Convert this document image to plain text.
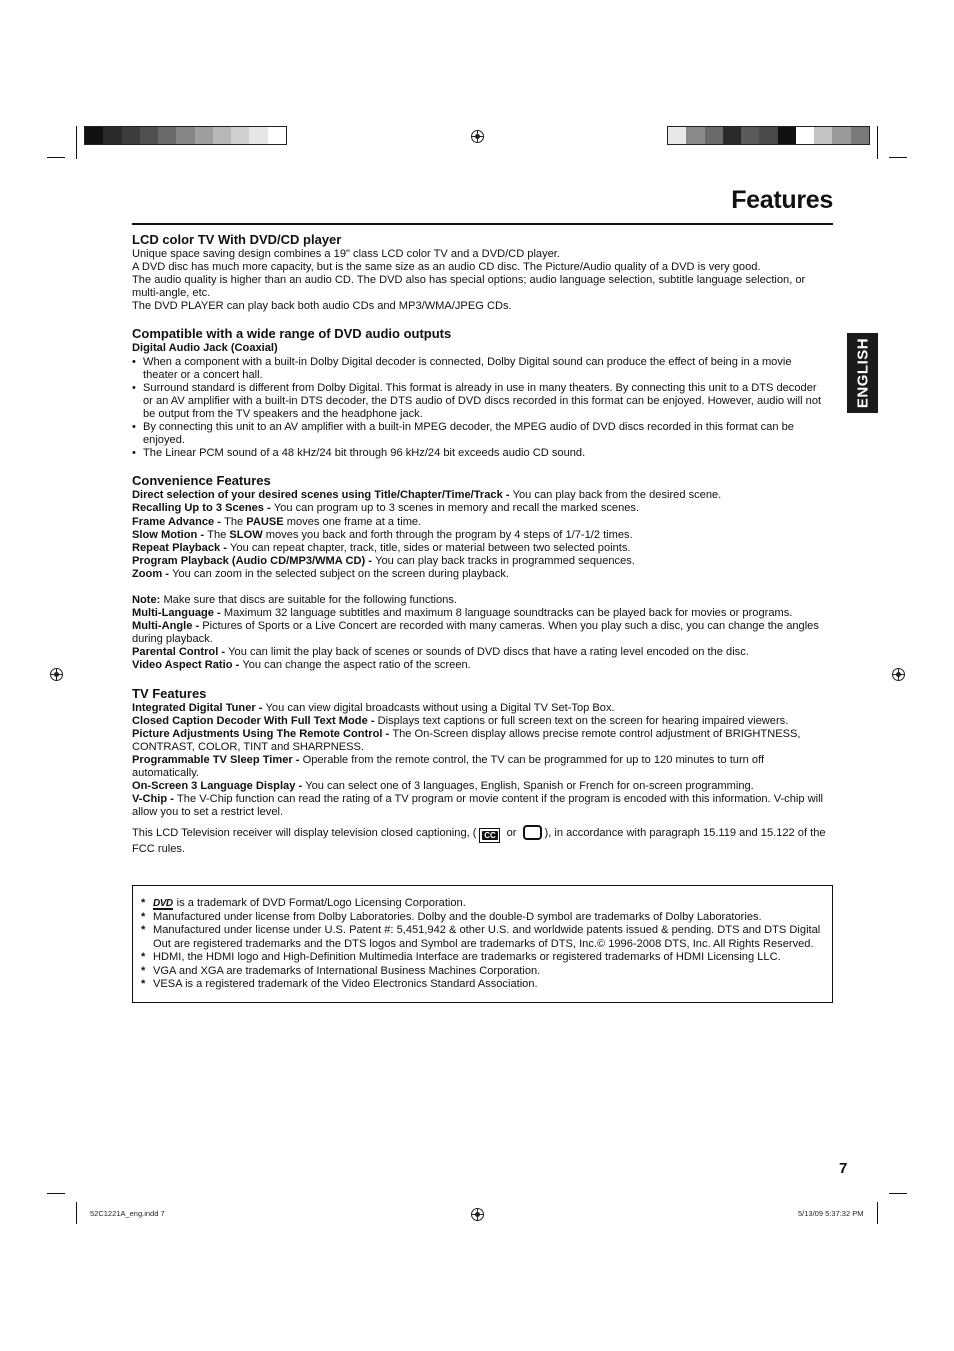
Features
ENGLISH
LCD color TV With DVD/CD player

Unique space saving design combines a 19" class LCD color TV and a DVD/CD player.

A DVD disc has much more capacity, but is the same size as an audio CD disc. The Picture/Audio quality of a DVD is very good.

The audio quality is higher than an audio CD. The DVD also has special options; audio language selection, subtitle language selection, or multi-angle, etc.

The DVD PLAYER can play back both audio CDs and MP3/WMA/JPEG CDs.

Compatible with a wide range of DVD audio outputs

Digital Audio Jack (Coaxial)

• When a component with a built-in Dolby Digital decoder is connected, Dolby Digital sound can produce the effect of being in a movie theater or a concert hall.
• Surround standard is different from Dolby Digital. This format is already in use in many theaters. By connecting this unit to a DTS decoder or an AV amplifier with a built-in DTS decoder, the DTS audio of DVD discs recorded in this format can be enjoyed. However, audio will not be output from the TV speakers and the headphone jack.
• By connecting this unit to an AV amplifier with a built-in MPEG decoder, the MPEG audio of DVD discs recorded in this format can be enjoyed.
• The Linear PCM sound of a 48 kHz/24 bit through 96 kHz/24 bit exceeds audio CD sound.
Convenience Features

Direct selection of your desired scenes using Title/Chapter/Time/Track - You can play back from the desired scene.

Recalling Up to 3 Scenes - You can program up to 3 scenes in memory and recall the marked scenes.

Frame Advance - The PAUSE moves one frame at a time.

Slow Motion - The SLOW moves you back and forth through the program by 4 steps of 1/7-1/2 times.

Repeat Playback - You can repeat chapter, track, title, sides or material between two selected points.

Program Playback (Audio CD/MP3/WMA CD) - You can play back tracks in programmed sequences.

Zoom - You can zoom in the selected subject on the screen during playback.

Note: Make sure that discs are suitable for the following functions.

Multi-Language - Maximum 32 language subtitles and maximum 8 language soundtracks can be played back for movies or programs.

Multi-Angle - Pictures of Sports or a Live Concert are recorded with many cameras. When you play such a disc, you can change the angles during playback.

Parental Control - You can limit the play back of scenes or sounds of DVD discs that have a rating level encoded on the disc.

Video Aspect Ratio - You can change the aspect ratio of the screen.

TV Features

Integrated Digital Tuner - You can view digital broadcasts without using a Digital TV Set-Top Box.

Closed Caption Decoder With Full Text Mode - Displays text captions or full screen text on the screen for hearing impaired viewers.

Picture Adjustments Using The Remote Control - The On-Screen display allows precise remote control adjustment of BRIGHTNESS, CONTRAST, COLOR, TINT and SHARPNESS.

Programmable TV Sleep Timer - Operable from the remote control, the TV can be programmed for up to 120 minutes to turn off automatically.

On-Screen 3 Language Display - You can select one of 3 languages, English, Spanish or French for on-screen programming.

V-Chip - The V-Chip function can read the rating of a TV program or movie content if the program is encoded with this information. V-chip will allow you to set a restrict level.

This LCD Television receiver will display television closed captioning, ( CC or ), in accordance with paragraph 15.119 and 15.122 of the FCC rules.

* DVD is a trademark of DVD Format/Logo Licensing Corporation.
* Manufactured under license from Dolby Laboratories. Dolby and the double-D symbol are trademarks of Dolby Laboratories.
* Manufactured under license under U.S. Patent #: 5,451,942 & other U.S. and worldwide patents issued & pending. DTS and DTS Digital Out are registered trademarks and the DTS logos and Symbol are trademarks of DTS, Inc.© 1996-2008 DTS, Inc. All Rights Reserved.
* HDMI, the HDMI logo and High-Definition Multimedia Interface are trademarks or registered trademarks of HDMI Licensing LLC.
* VGA and XGA are trademarks of International Business Machines Corporation.
* VESA is a registered trademark of the Video Electronics Standard Association.
7
52C1221A_eng.indd 7	5/13/09 5:37:32 PM
